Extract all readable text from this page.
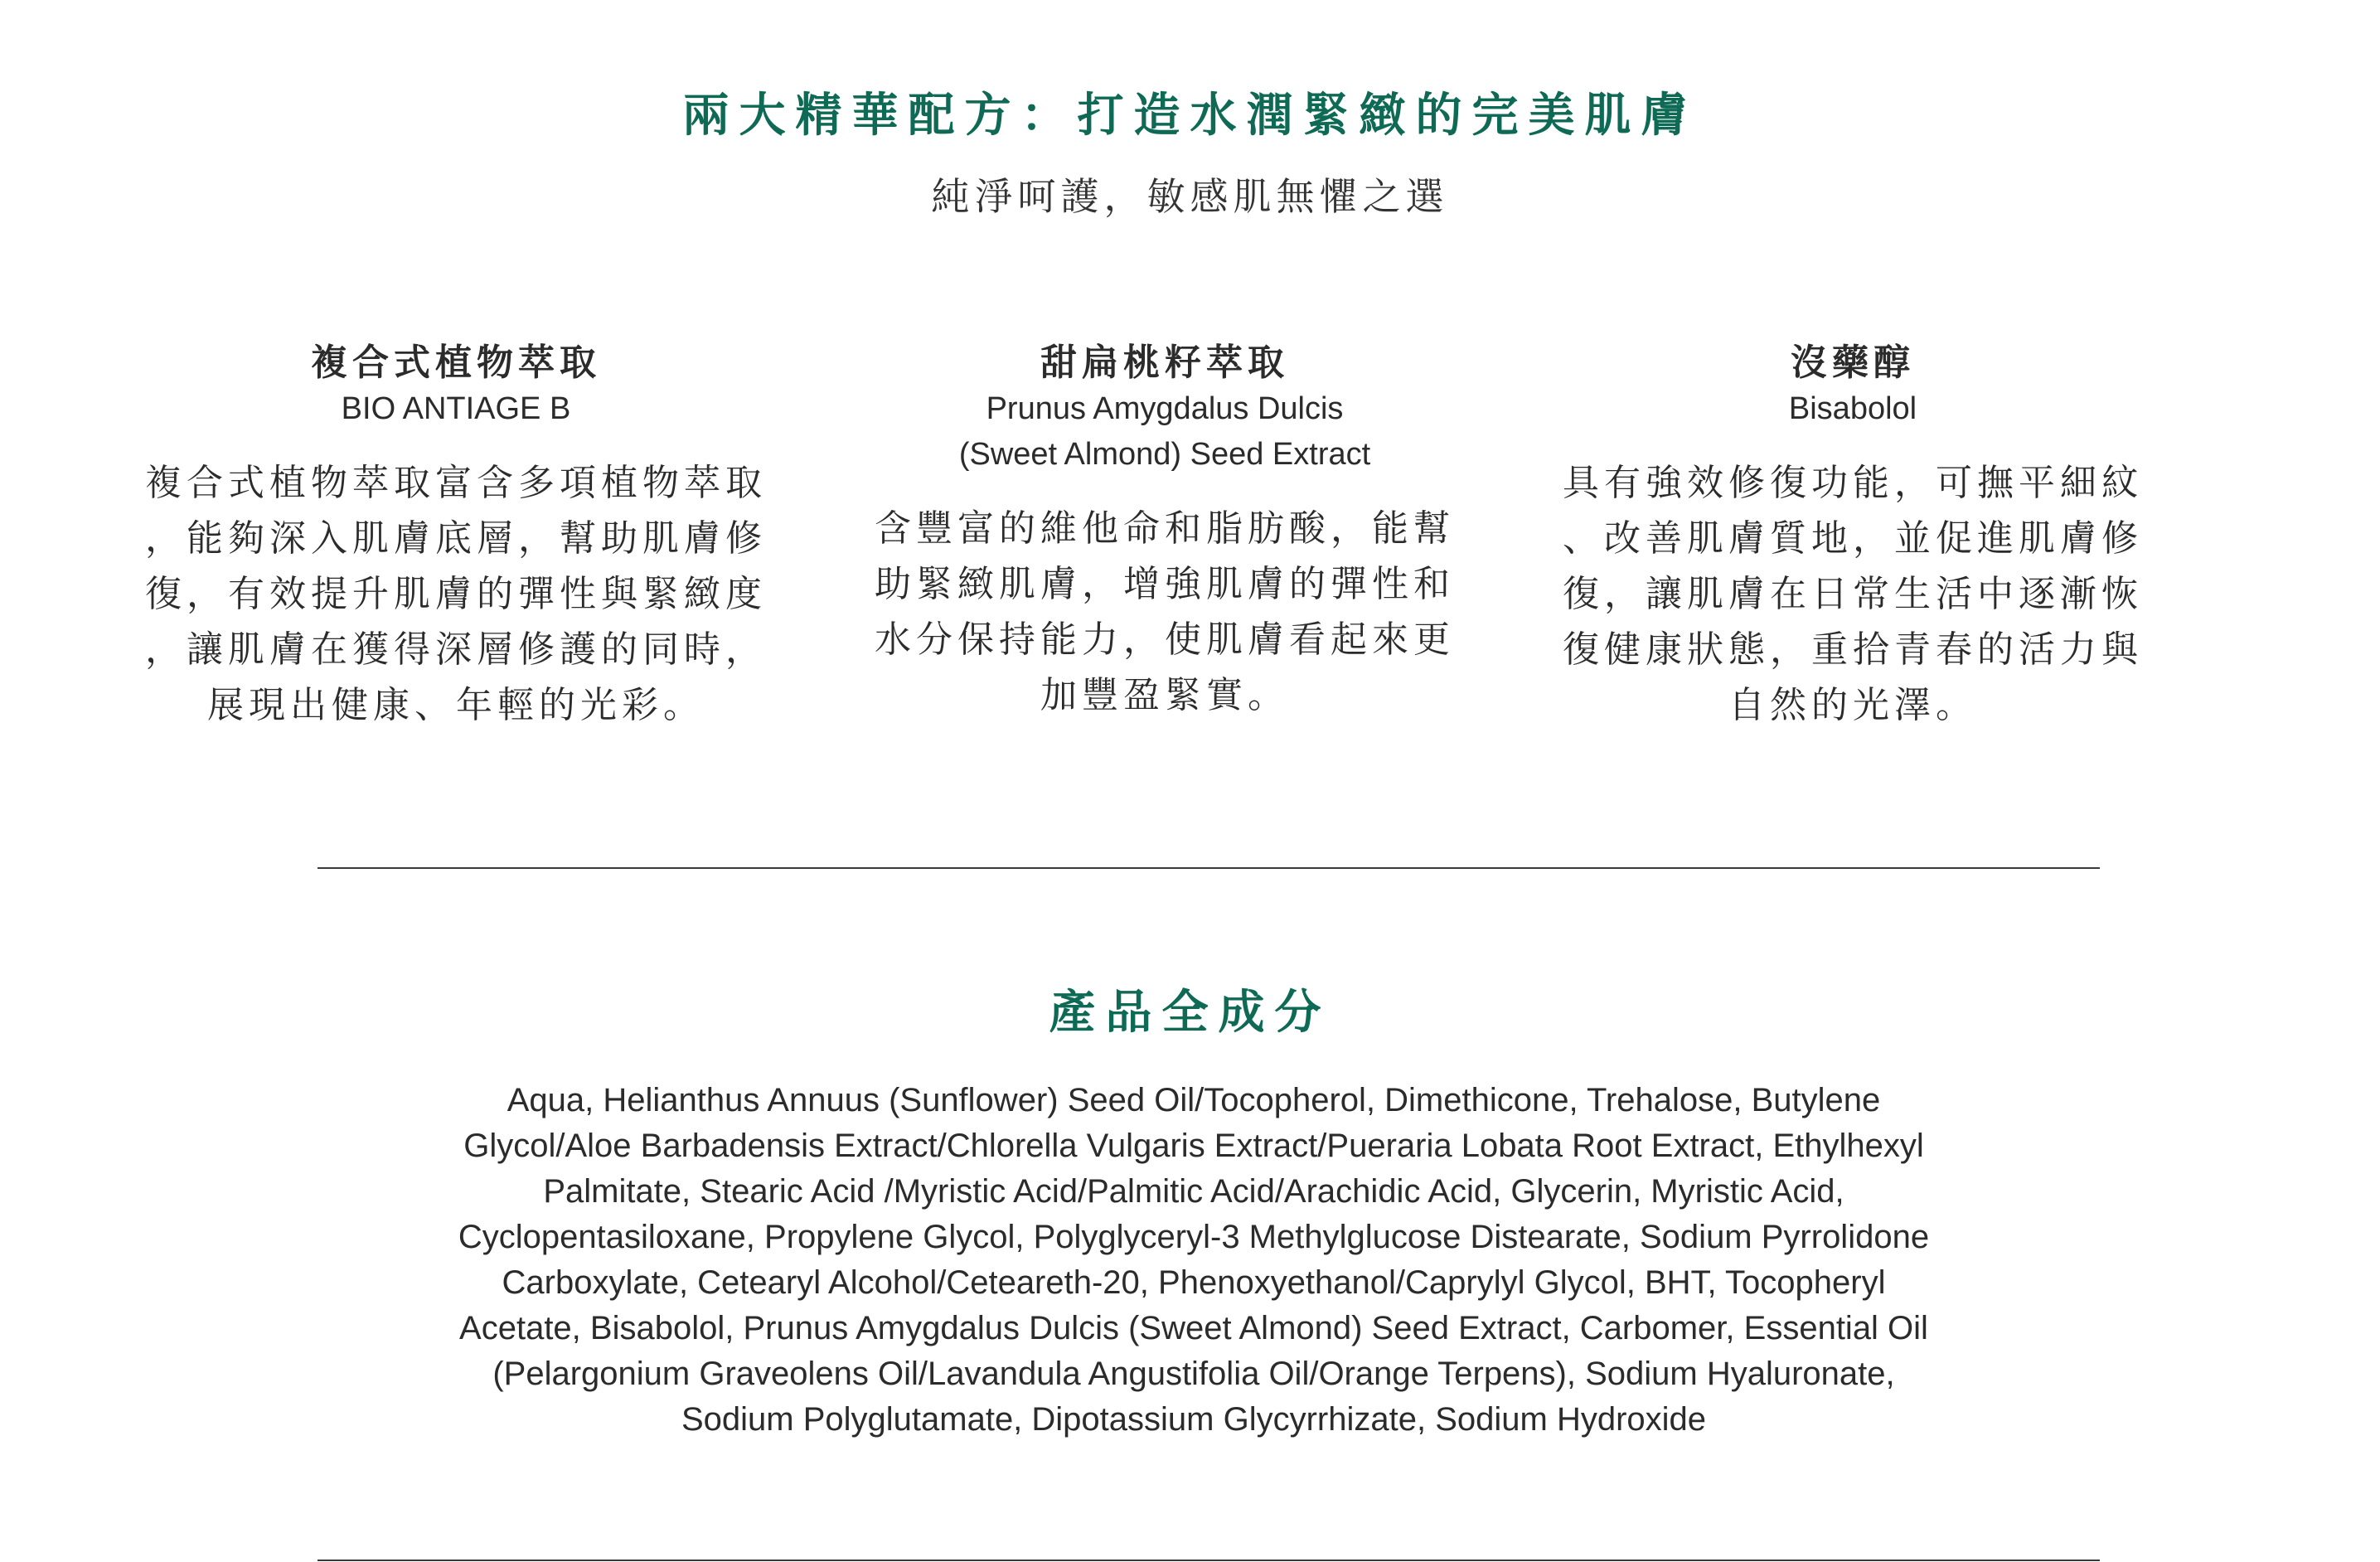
兩大精華配方：打造水潤緊緻的完美肌膚

純淨呵護，敏感肌無懼之選

複合式植物萃取

BIO ANTIAGE B

複合式植物萃取富含多項植物萃取
，能夠深入肌膚底層，幫助肌膚修
復，有效提升肌膚的彈性與緊緻度
，讓肌膚在獲得深層修護的同時，
展現出健康、年輕的光彩。

甜扁桃籽萃取

Prunus Amygdalus Dulcis
(Sweet Almond) Seed Extract

含豐富的維他命和脂肪酸，能幫
助緊緻肌膚，增強肌膚的彈性和
水分保持能力，使肌膚看起來更
加豐盈緊實。

沒藥醇

Bisabolol

具有強效修復功能，可撫平細紋
、改善肌膚質地，並促進肌膚修
復，讓肌膚在日常生活中逐漸恢
復健康狀態，重拾青春的活力與
自然的光澤。

產品全成分

Aqua, Helianthus Annuus (Sunflower) Seed Oil/Tocopherol, Dimethicone, Trehalose, Butylene
Glycol/Aloe Barbadensis Extract/Chlorella Vulgaris Extract/Pueraria Lobata Root Extract, Ethylhexyl
Palmitate, Stearic Acid /Myristic Acid/Palmitic Acid/Arachidic Acid, Glycerin, Myristic Acid,
Cyclopentasiloxane, Propylene Glycol, Polyglyceryl-3 Methylglucose Distearate, Sodium Pyrrolidone
Carboxylate, Cetearyl Alcohol/Ceteareth-20, Phenoxyethanol/Caprylyl Glycol, BHT, Tocopheryl
Acetate, Bisabolol, Prunus Amygdalus Dulcis (Sweet Almond) Seed Extract, Carbomer, Essential Oil
(Pelargonium Graveolens Oil/Lavandula Angustifolia Oil/Orange Terpens), Sodium Hyaluronate,
Sodium Polyglutamate, Dipotassium Glycyrrhizate, Sodium Hydroxide
